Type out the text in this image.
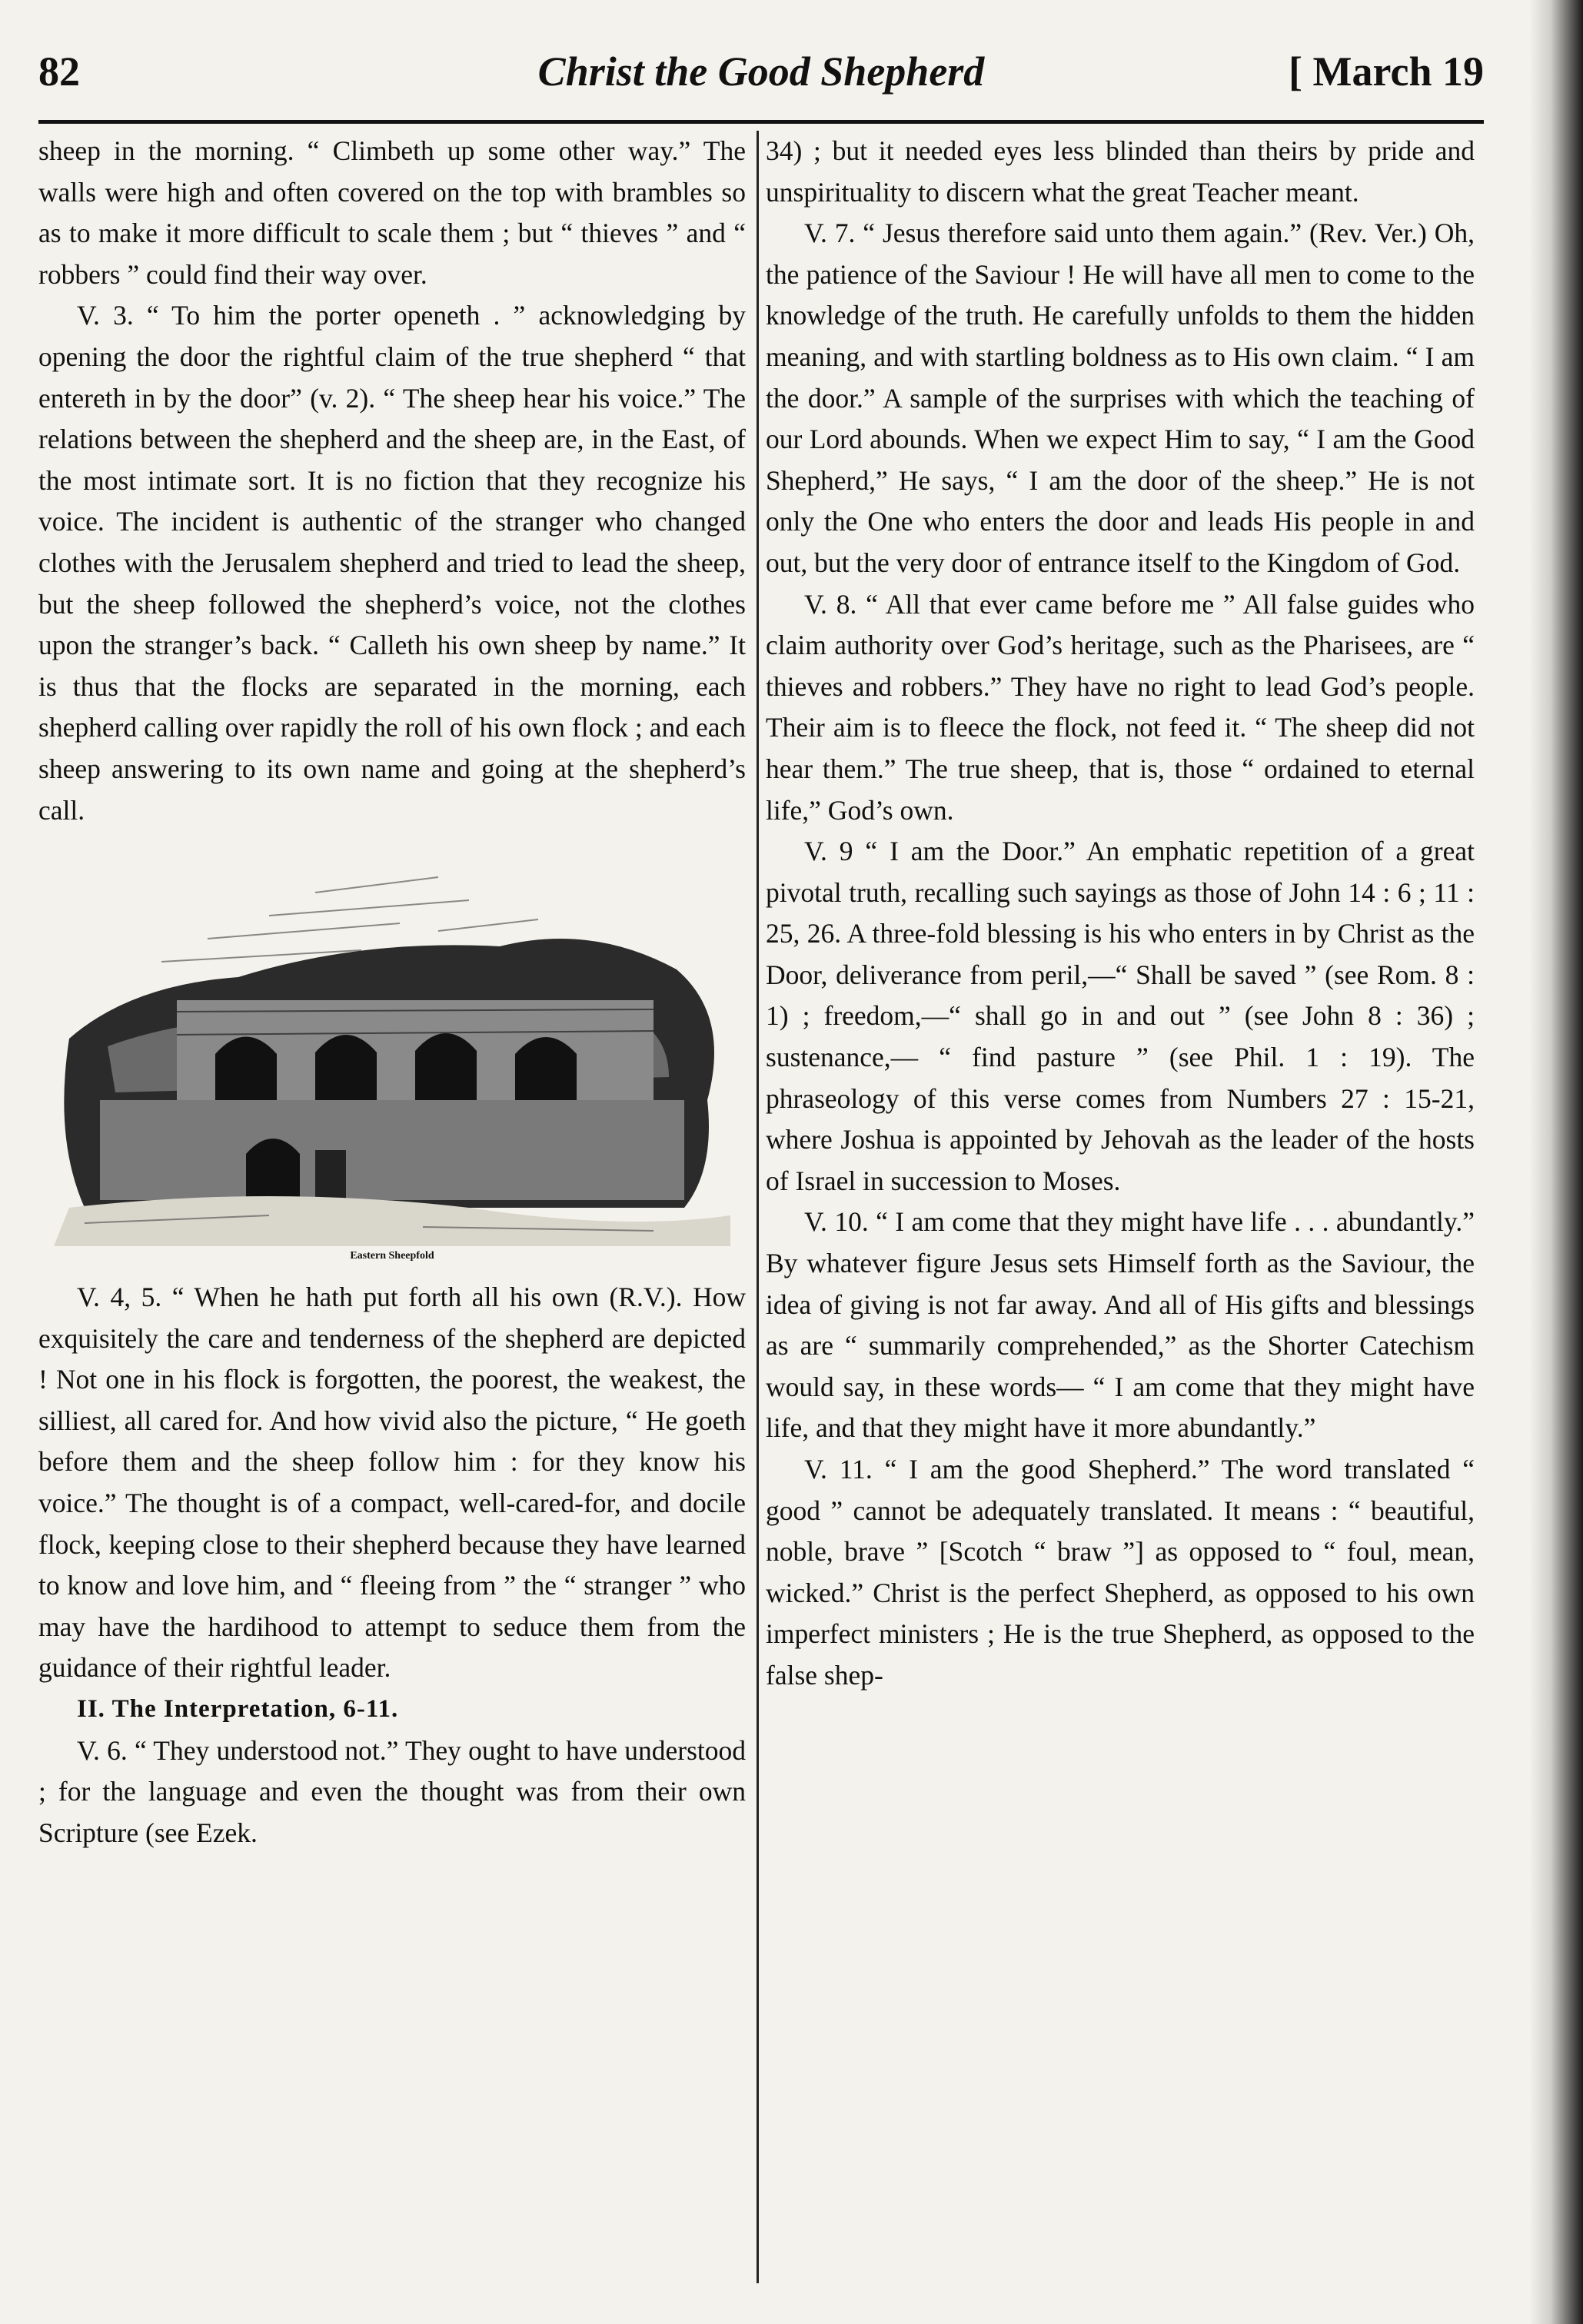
82	Christ the Good Shepherd	[ March 19

sheep in the morning. “ Climbeth up some other way.” The walls were high and often covered on the top with brambles so as to make it more difficult to scale them ; but “ thieves ” and “ robbers ” could find their way over.

V. 3. “ To him the porter openeth . ” acknowledging by opening the door the rightful claim of the true shepherd “ that entereth in by the door” (v. 2). “ The sheep hear his voice.” The relations between the shepherd and the sheep are, in the East, of the most intimate sort. It is no fiction that they recognize his voice. The incident is authentic of the stranger who changed clothes with the Jerusalem shepherd and tried to lead the sheep, but the sheep followed the shepherd’s voice, not the clothes upon the stranger’s back. “ Calleth his own sheep by name.” It is thus that the flocks are separated in the morning, each shepherd calling over rapidly the roll of his own flock ; and each sheep answering to its own name and going at the shepherd’s call.

Eastern Sheepfold

V. 4, 5. “ When he hath put forth all his own (R.V.). How exquisitely the care and tenderness of the shepherd are depicted ! Not one in his flock is forgotten, the poorest, the weakest, the silliest, all cared for. And how vivid also the picture, “ He goeth before them and the sheep follow him : for they know his voice.” The thought is of a compact, well-cared-for, and docile flock, keeping close to their shepherd because they have learned to know and love him, and “ fleeing from ” the “ stranger ” who may have the hardihood to attempt to seduce them from the guidance of their rightful leader.

II. The Interpretation, 6-11.

V. 6. “ They understood not.” They ought to have understood ; for the language and even the thought was from their own Scripture (see Ezek.

34) ; but it needed eyes less blinded than theirs by pride and unspirituality to discern what the great Teacher meant.

V. 7. “ Jesus therefore said unto them again.” (Rev. Ver.) Oh, the patience of the Saviour ! He will have all men to come to the knowledge of the truth. He carefully unfolds to them the hidden meaning, and with startling boldness as to His own claim. “ I am the door.” A sample of the surprises with which the teaching of our Lord abounds. When we expect Him to say, “ I am the Good Shepherd,” He says, “ I am the door of the sheep.” He is not only the One who enters the door and leads His people in and out, but the very door of entrance itself to the Kingdom of God.

V. 8. “ All that ever came before me ” All false guides who claim authority over God’s heritage, such as the Pharisees, are “ thieves and robbers.” They have no right to lead God’s people. Their aim is to fleece the flock, not feed it. “ The sheep did not hear them.” The true sheep, that is, those “ ordained to eternal life,” God’s own.

V. 9 “ I am the Door.” An emphatic repetition of a great pivotal truth, recalling such sayings as those of John 14 : 6 ; 11 : 25, 26. A three-fold blessing is his who enters in by Christ as the Door, deliverance from peril,—“ Shall be saved ” (see Rom. 8 : 1) ; freedom,—“ shall go in and out ” (see John 8 : 36) ; sustenance,— “ find pasture ” (see Phil. 1 : 19). The phraseology of this verse comes from Numbers 27 : 15-21, where Joshua is appointed by Jehovah as the leader of the hosts of Israel in succession to Moses.

V. 10. “ I am come that they might have life . . . abundantly.” By whatever figure Jesus sets Himself forth as the Saviour, the idea of giving is not far away. And all of His gifts and blessings as are “ summarily comprehended,” as the Shorter Catechism would say, in these words— “ I am come that they might have life, and that they might have it more abundantly.”

V. 11. “ I am the good Shepherd.” The word translated “ good ” cannot be adequately translated. It means : “ beautiful, noble, brave ” [Scotch “ braw ”] as opposed to “ foul, mean, wicked.” Christ is the perfect Shepherd, as opposed to his own imperfect ministers ; He is the true Shepherd, as opposed to the false shep-
